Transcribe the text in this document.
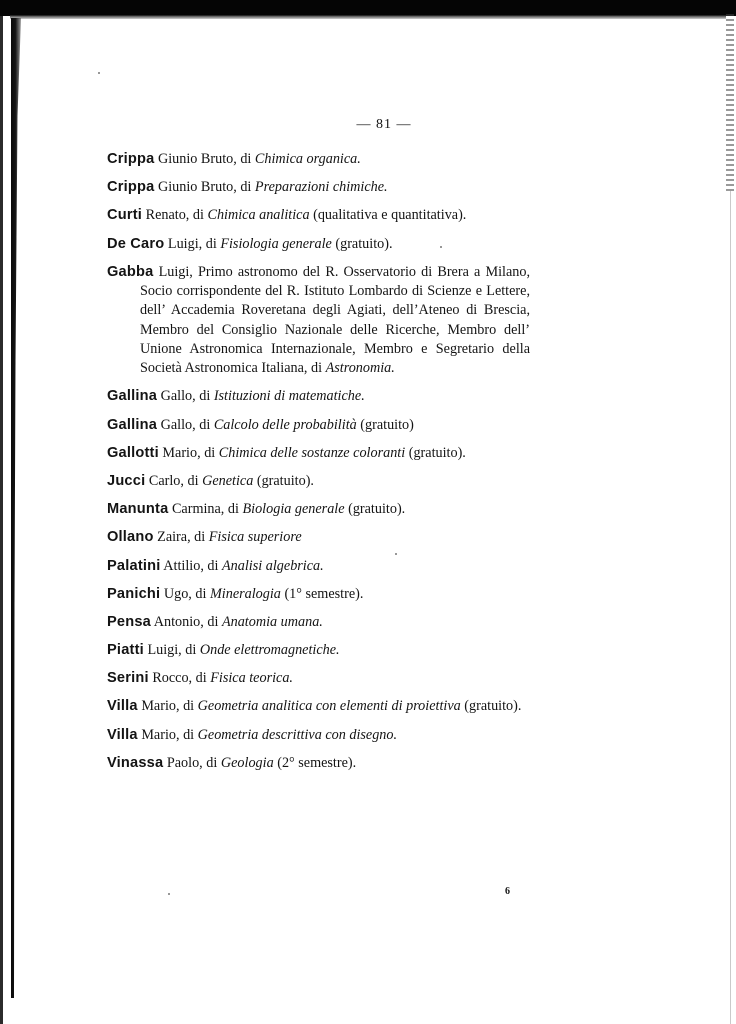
— 81 —
Crippa Giunio Bruto, di Chimica organica.
Crippa Giunio Bruto, di Preparazioni chimiche.
Curti Renato, di Chimica analitica (qualitativa e quantitativa).
De Caro Luigi, di Fisiologia generale (gratuito).
Gabba Luigi, Primo astronomo del R. Osservatorio di Brera a Milano, Socio corrispondente del R. Istituto Lombardo di Scienze e Lettere, dell’ Accademia Roveretana degli Agiati, dell’Ateneo di Brescia, Membro del Consiglio Nazionale delle Ricerche, Membro dell’ Unione Astronomica Internazionale, Membro e Segretario della Società Astronomica Italiana, di Astronomia.
Gallina Gallo, di Istituzioni di matematiche.
Gallina Gallo, di Calcolo delle probabilità (gratuito)
Gallotti Mario, di Chimica delle sostanze coloranti (gratuito).
Jucci Carlo, di Genetica (gratuito).
Manunta Carmina, di Biologia generale (gratuito).
Ollano Zaira, di Fisica superiore
Palatini Attilio, di Analisi algebrica.
Panichi Ugo, di Mineralogia (1° semestre).
Pensa Antonio, di Anatomia umana.
Piatti Luigi, di Onde elettromagnetiche.
Serini Rocco, di Fisica teorica.
Villa Mario, di Geometria analitica con elementi di proiettiva (gratuito).
Villa Mario, di Geometria descrittiva con disegno.
Vinassa Paolo, di Geologia (2° semestre).
6
